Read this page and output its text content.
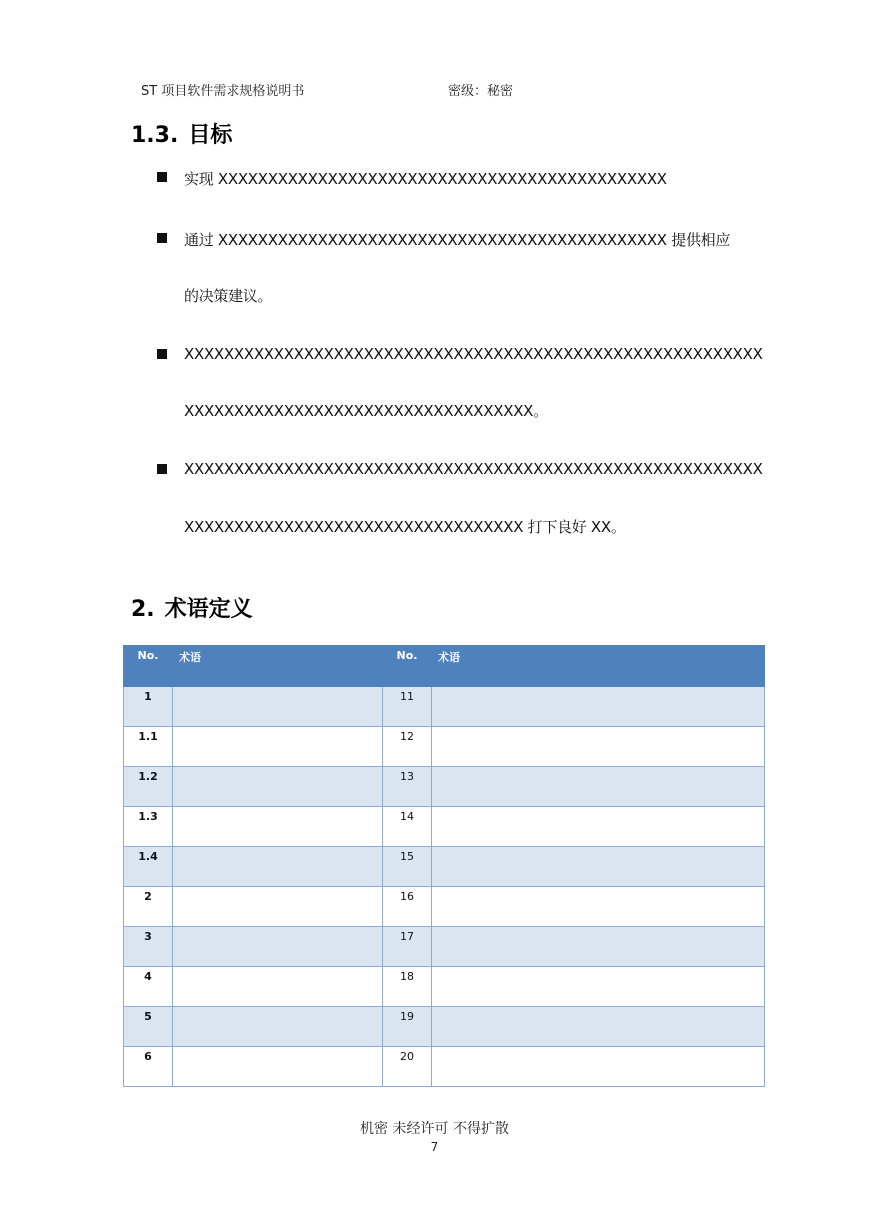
ST 项目软件需求规格说明书	密级：秘密
1.3. 目标
实现 XXXXXXXXXXXXXXXXXXXXXXXXXXXXXXXXXXXXXXXXXXXXX
通过 XXXXXXXXXXXXXXXXXXXXXXXXXXXXXXXXXXXXXXXXXXXXX 提供相应
的决策建议。
XXXXXXXXXXXXXXXXXXXXXXXXXXXXXXXXXXXXXXXXXXXXXXXXXXXXXXXXXX
XXXXXXXXXXXXXXXXXXXXXXXXXXXXXXXXXXX。
XXXXXXXXXXXXXXXXXXXXXXXXXXXXXXXXXXXXXXXXXXXXXXXXXXXXXXXXXX
XXXXXXXXXXXXXXXXXXXXXXXXXXXXXXXXXX 打下良好 XX。
2. 术语定义
No.	术语	No.	术语
1		11	
1.1		12	
1.2		13	
1.3		14	
1.4		15	
2		16	
3		17	
4		18	
5		19	
6		20	
机密 未经许可 不得扩散
7
